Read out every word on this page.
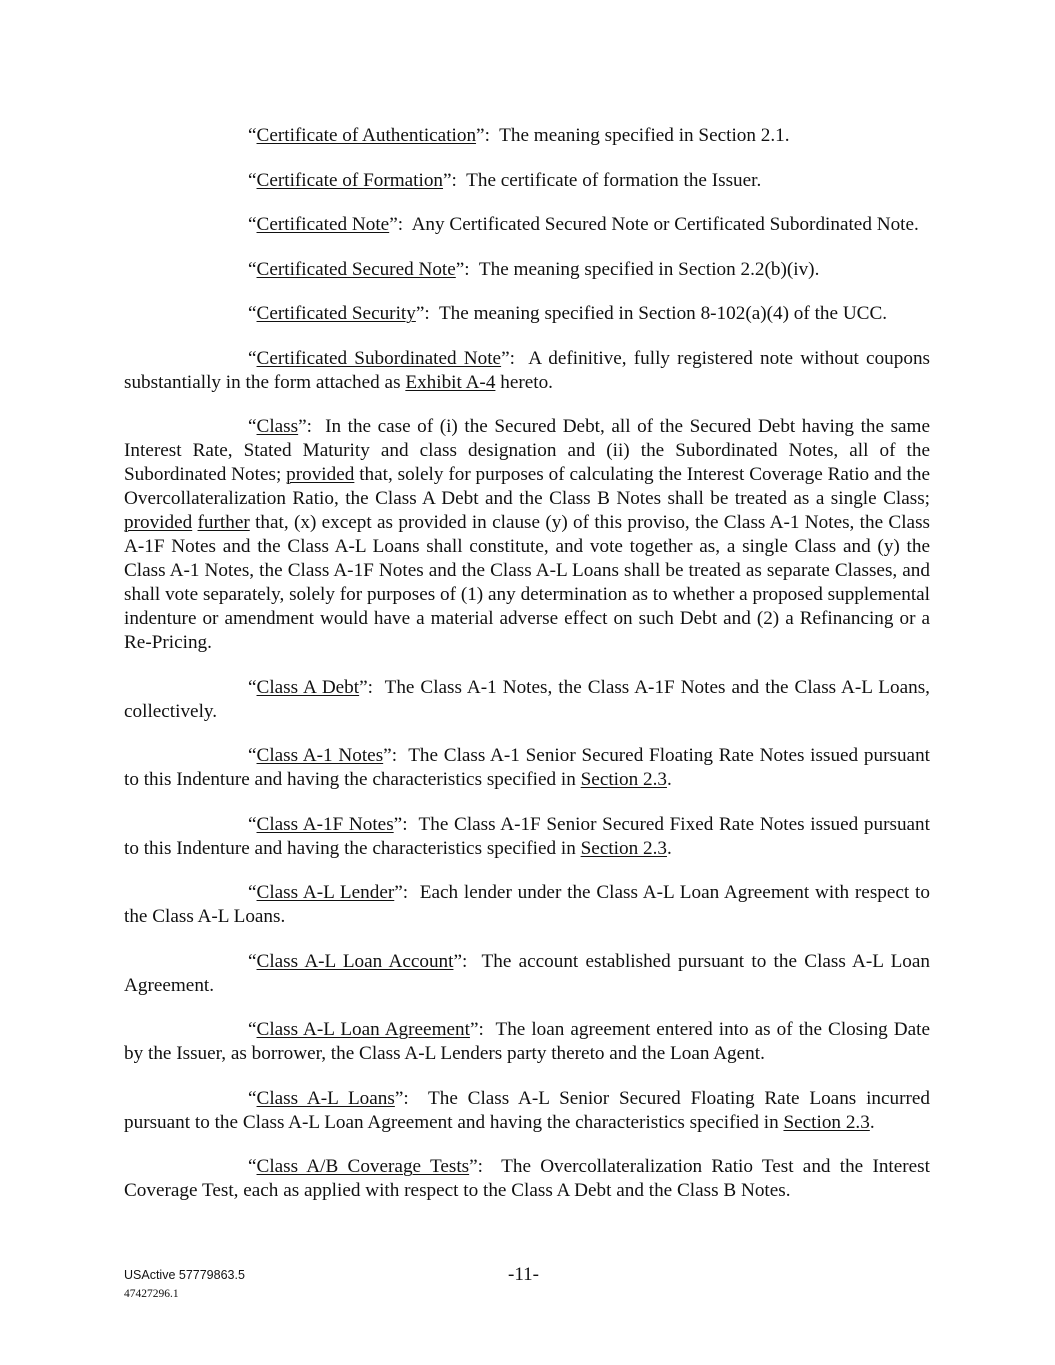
“Certificate of Authentication”:  The meaning specified in Section 2.1.

“Certificate of Formation”:  The certificate of formation the Issuer.

“Certificated Note”:  Any Certificated Secured Note or Certificated Subordinated Note.

“Certificated Secured Note”:  The meaning specified in Section 2.2(b)(iv).

“Certificated Security”:  The meaning specified in Section 8-102(a)(4) of the UCC.

“Certificated Subordinated Note”:  A definitive, fully registered note without coupons substantially in the form attached as Exhibit A-4 hereto.

“Class”:  In the case of (i) the Secured Debt, all of the Secured Debt having the same Interest Rate, Stated Maturity and class designation and (ii) the Subordinated Notes, all of the Subordinated Notes; provided that, solely for purposes of calculating the Interest Coverage Ratio and the Overcollateralization Ratio, the Class A Debt and the Class B Notes shall be treated as a single Class; provided further that, (x) except as provided in clause (y) of this proviso, the Class A-1 Notes, the Class A-1F Notes and the Class A-L Loans shall constitute, and vote together as, a single Class and (y) the Class A-1 Notes, the Class A-1F Notes and the Class A-L Loans shall be treated as separate Classes, and shall vote separately, solely for purposes of (1) any determination as to whether a proposed supplemental indenture or amendment would have a material adverse effect on such Debt and (2) a Refinancing or a Re-Pricing.

“Class A Debt”:  The Class A-1 Notes, the Class A-1F Notes and the Class A-L Loans, collectively.

“Class A-1 Notes”:  The Class A-1 Senior Secured Floating Rate Notes issued pursuant to this Indenture and having the characteristics specified in Section 2.3.

“Class A-1F Notes”:  The Class A-1F Senior Secured Fixed Rate Notes issued pursuant to this Indenture and having the characteristics specified in Section 2.3.

“Class A-L Lender”:  Each lender under the Class A-L Loan Agreement with respect to the Class A-L Loans.

“Class A-L Loan Account”:  The account established pursuant to the Class A-L Loan Agreement.

“Class A-L Loan Agreement”:  The loan agreement entered into as of the Closing Date by the Issuer, as borrower, the Class A-L Lenders party thereto and the Loan Agent.

“Class A-L Loans”:  The Class A-L Senior Secured Floating Rate Loans incurred pursuant to the Class A-L Loan Agreement and having the characteristics specified in Section 2.3.

“Class A/B Coverage Tests”:  The Overcollateralization Ratio Test and the Interest Coverage Test, each as applied with respect to the Class A Debt and the Class B Notes.

USActive 57779863.5
47427296.1
-11-
